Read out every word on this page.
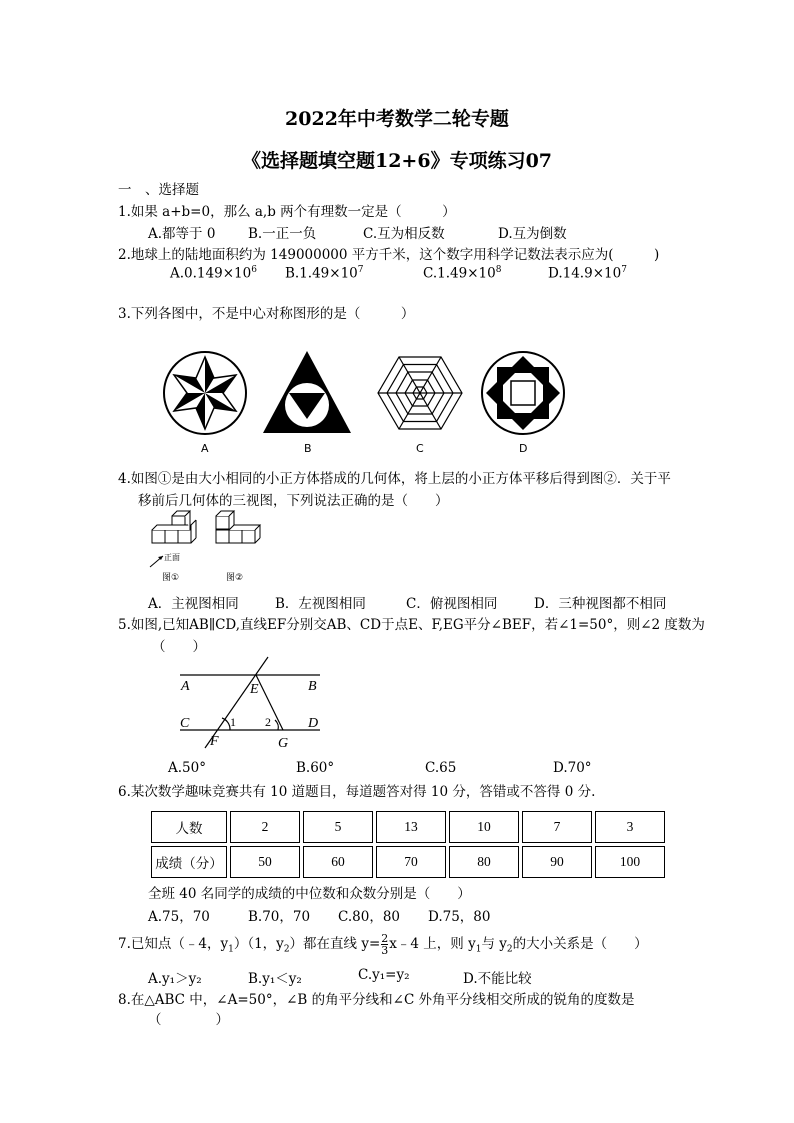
2022年中考数学二轮专题
《选择题填空题12+6》专项练习07
一　、选择题
1.如果 a+b=0，那么 a,b 两个有理数一定是（　　　）
A.都等于 0 B.一正一负	C.互为相反数	D.互为倒数
2.地球上的陆地面积约为 149000000 平方千米，这个数字用科学记数法表示应为(　　　)
$A.0.149\times 10^6$ $B.1.49\times 10^7$	$C.1.49\times 10^8$	$D.14.9\times 10^7$
3.下列各图中，不是中心对称图形的是（　　　）
A	B	C	D
4.如图①是由大小相同的小正方体搭成的几何体，将上层的小正方体平移后得到图②．关于平
移前后几何体的三视图，下列说法正确的是（　　）
正面
图①	图②
A．主视图相同	B．左视图相同	C．俯视图相同	D．三种视图都不相同
5.如图,已知AB∥CD,直线EF分别交AB、CD于点E、F,EG平分∠BEF，若∠1=50°，则∠2 度数为
（　　）
A	B
C	D
E
F	G
1 2
A.50°	B.60°	C.65	D.70°
6.某次数学趣味竞赛共有 10 道题目，每道题答对得 10 分，答错或不答得 0 分.
人数	2	5	13	10	7	3
成绩（分）	50	60	70	80	90	100
全班 40 名同学的成绩的中位数和众数分别是（　　）
A.75，70	B.70，70 C.80，80 D.75，80
7.已知点（﹣4，$y_1)(1$，$y_2$）都在直线 $y= \frac{2}{3}$ x﹣4 上，则 $y_1$与 $y_2$的大小关系是（　　）
A.y₁＞y₂	B.y₁＜y₂	C.y₁=y₂	D.不能比较
8.在△ABC 中，∠A=50°，∠B 的角平分线和∠C 外角平分线相交所成的锐角的度数是
（　　　　）
